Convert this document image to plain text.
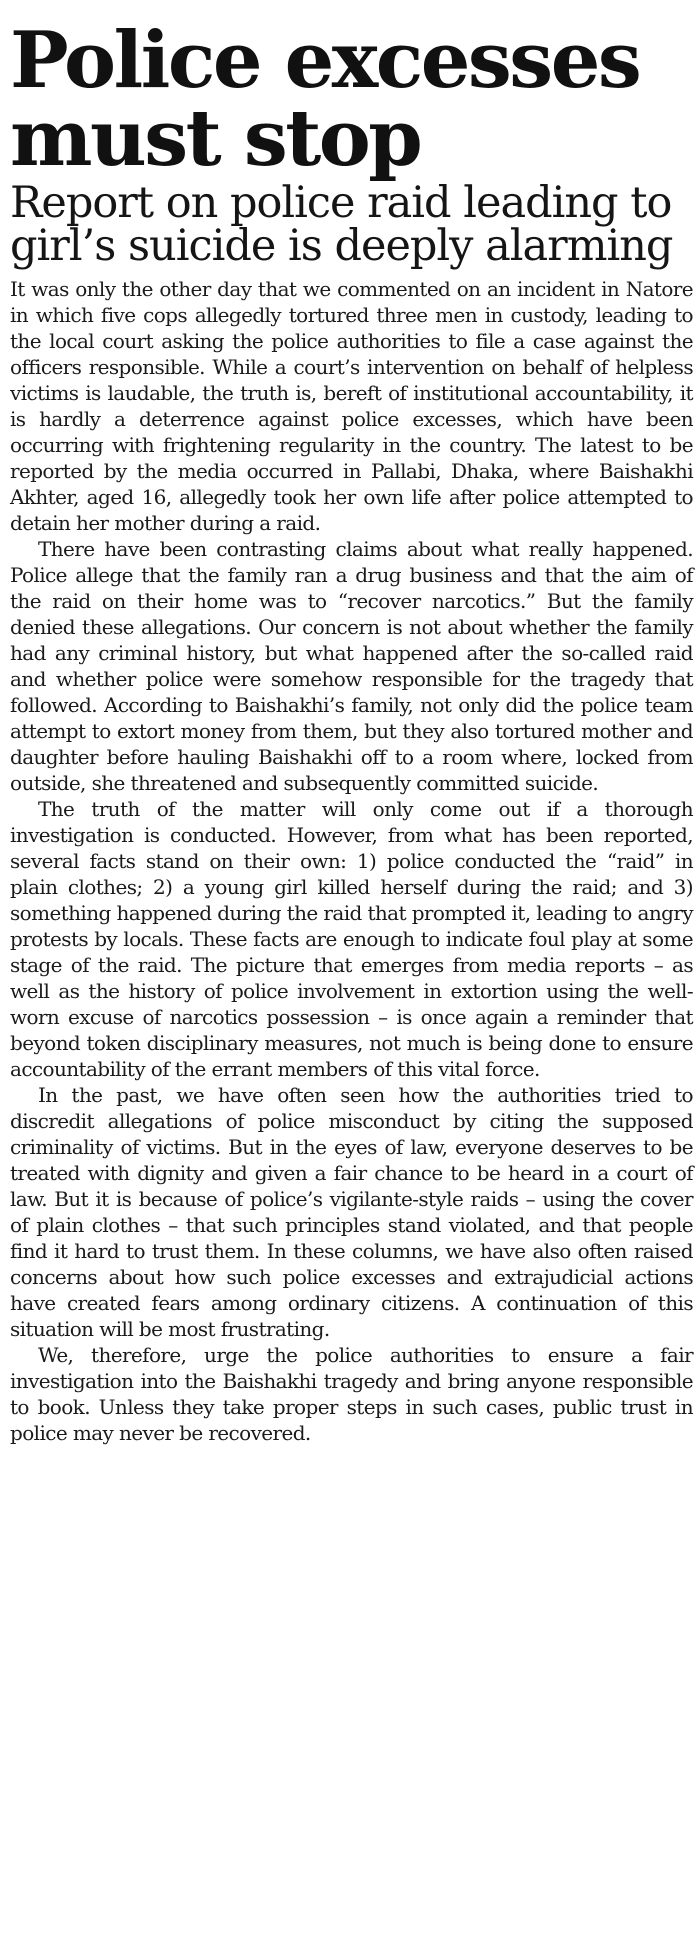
Police excesses must stop
Report on police raid leading to girl’s suicide is deeply alarming

It was only the other day that we commented on an incident in Natore in which five cops allegedly tortured three men in custody, leading to the local court asking the police authorities to file a case against the officers responsible. While a court’s intervention on behalf of helpless victims is laudable, the truth is, bereft of institutional accountability, it is hardly a deterrence against police excesses, which have been occurring with frightening regularity in the country. The latest to be reported by the media occurred in Pallabi, Dhaka, where Baishakhi Akhter, aged 16, allegedly took her own life after police attempted to detain her mother during a raid.

There have been contrasting claims about what really happened. Police allege that the family ran a drug business and that the aim of the raid on their home was to “recover narcotics.” But the family denied these allegations. Our concern is not about whether the family had any criminal history, but what happened after the so-called raid and whether police were somehow responsible for the tragedy that followed. According to Baishakhi’s family, not only did the police team attempt to extort money from them, but they also tortured mother and daughter before hauling Baishakhi off to a room where, locked from outside, she threatened and subsequently committed suicide.

The truth of the matter will only come out if a thorough investigation is conducted. However, from what has been reported, several facts stand on their own: 1) police conducted the “raid” in plain clothes; 2) a young girl killed herself during the raid; and 3) something happened during the raid that prompted it, leading to angry protests by locals. These facts are enough to indicate foul play at some stage of the raid. The picture that emerges from media reports – as well as the history of police involvement in extortion using the well-worn excuse of narcotics possession – is once again a reminder that beyond token disciplinary measures, not much is being done to ensure accountability of the errant members of this vital force.

In the past, we have often seen how the authorities tried to discredit allegations of police misconduct by citing the supposed criminality of victims. But in the eyes of law, everyone deserves to be treated with dignity and given a fair chance to be heard in a court of law. But it is because of police’s vigilante-style raids – using the cover of plain clothes – that such principles stand violated, and that people find it hard to trust them. In these columns, we have also often raised concerns about how such police excesses and extrajudicial actions have created fears among ordinary citizens. A continuation of this situation will be most frustrating.

We, therefore, urge the police authorities to ensure a fair investigation into the Baishakhi tragedy and bring anyone responsible to book. Unless they take proper steps in such cases, public trust in police may never be recovered.
